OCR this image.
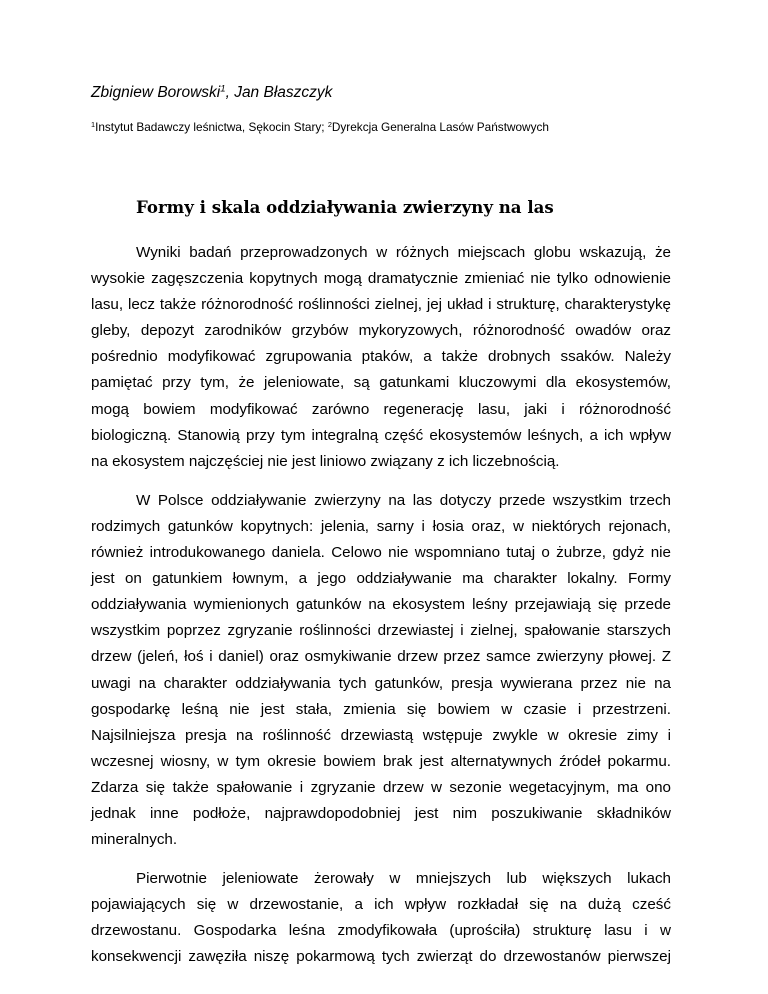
Zbigniew Borowski$^1$, Jan Błaszczyk
$^1$Instytut Badawczy leśnictwa, Sękocin Stary; $^2$Dyrekcja Generalna Lasów Państwowych
Formy i skala oddziaływania zwierzyny na las
Wyniki badań przeprowadzonych w różnych miejscach globu wskazują, że
wysokie zagęszczenia kopytnych mogą dramatycznie zmieniać nie tylko odnowienie
lasu, lecz także różnorodność roślinności zielnej, jej układ i strukturę, charakterystykę
gleby, depozyt zarodników grzybów mykoryzowych, różnorodność owadów oraz
pośrednio modyfikować zgrupowania ptaków, a także drobnych ssaków. Należy
pamiętać przy tym, że jeleniowate, są gatunkami kluczowymi dla ekosystemów,
mogą bowiem modyfikować zarówno regenerację lasu, jaki i różnorodność
biologiczną. Stanowią przy tym integralną część ekosystemów leśnych, a ich wpływ
na ekosystem najczęściej nie jest liniowo związany z ich liczebnością.
W Polsce oddziaływanie zwierzyny na las dotyczy przede wszystkim trzech
rodzimych gatunków kopytnych: jelenia, sarny i łosia oraz, w niektórych rejonach,
również introdukowanego daniela. Celowo nie wspomniano tutaj o żubrze, gdyż nie
jest on gatunkiem łownym, a jego oddziaływanie ma charakter lokalny. Formy
oddziaływania wymienionych gatunków na ekosystem leśny przejawiają się przede
wszystkim poprzez zgryzanie roślinności drzewiastej i zielnej, spałowanie starszych
drzew (jeleń, łoś i daniel) oraz osmykiwanie drzew przez samce zwierzyny płowej. Z
uwagi na charakter oddziaływania tych gatunków, presja wywierana przez nie na
gospodarkę leśną nie jest stała, zmienia się bowiem w czasie i przestrzeni.
Najsilniejsza presja na roślinność drzewiastą wstępuje zwykle w okresie zimy i
wczesnej wiosny, w tym okresie bowiem brak jest alternatywnych źródeł pokarmu.
Zdarza się także spałowanie i zgryzanie drzew w sezonie wegetacyjnym, ma ono
jednak inne podłoże, najprawdopodobniej jest nim poszukiwanie składników
mineralnych.
Pierwotnie jeleniowate żerowały w mniejszych lub większych lukach
pojawiających się w drzewostanie, a ich wpływ rozkładał się na dużą cześć
drzewostanu. Gospodarka leśna zmodyfikowała (uprościła) strukturę lasu i w
konsekwencji zawęziła niszę pokarmową tych zwierząt do drzewostanów pierwszej
